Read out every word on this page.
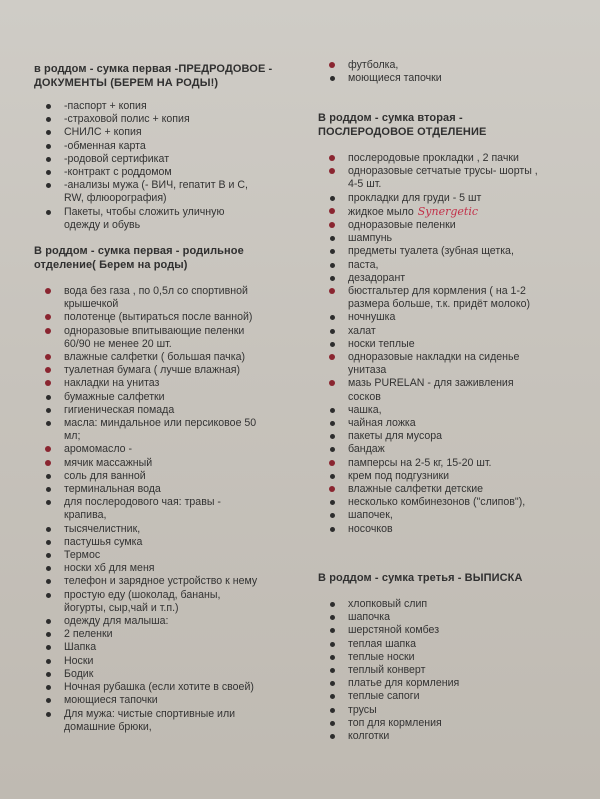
в роддом - сумка первая -ПРЕДРОДОВОЕ -
ДОКУМЕНТЫ (БЕРЕМ НА РОДЫ!)
-паспорт + копия
-страховой полис + копия
СНИЛС + копия
-обменная карта
-родовой сертификат
-контракт с роддомом
-анализы мужа (- ВИЧ, гепатит В и С,
RW, флюорография)
Пакеты, чтобы сложить уличную
одежду и обувь
В роддом - сумка первая - родильное
отделение( Берем на роды)
вода без газа , по 0,5л со спортивной
крышечкой
полотенце (вытираться после ванной)
одноразовые впитывающие пеленки
60/90 не менее 20 шт.
влажные салфетки ( большая пачка)
туалетная бумага ( лучше влажная)
накладки на унитаз
бумажные салфетки
гигиеническая помада
масла: миндальное или персиковое 50
мл;
аромомасло -
мячик массажный
соль для ванной
терминальная вода
для послеродового чая: травы -
крапива,
тысячелистник,
пастушья сумка
Термос
носки хб для меня
телефон и зарядное устройство к нему
простую еду (шоколад, бананы,
йогурты, сыр,чай и т.п.)
одежду для малыша:
2 пеленки
Шапка
Носки
Бодик
Ночная рубашка (если хотите в своей)
моющиеся тапочки
Для мужа: чистые спортивные или
домашние брюки,
футболка,
моющиеся тапочки
В роддом - сумка вторая -
ПОСЛЕРОДОВОЕ ОТДЕЛЕНИЕ
послеродовые прокладки , 2 пачки
одноразовые сетчатые трусы- шорты ,
4-5 шт.
прокладки для груди - 5 шт
жидкое мыло Synergetic
одноразовые пеленки
шампунь
предметы туалета (зубная щетка,
паста,
дезадорант
бюстгальтер для кормления ( на 1-2
размера больше, т.к. придёт молоко)
ночнушка
халат
носки теплые
одноразовые накладки на сиденье
унитаза
мазь PURELAN - для заживления
сосков
чашка,
чайная ложка
пакеты для мусора
бандаж
памперсы на 2-5 кг, 15-20 шт.
крем под подгузники
влажные салфетки детские
несколько комбинезонов ("слипов"),
шапочек,
носочков
В роддом - сумка третья - ВЫПИСКА
хлопковый слип
шапочка
шерстяной комбез
теплая шапка
теплые носки
теплый конверт
платье для кормления
теплые сапоги
трусы
топ для кормления
колготки
